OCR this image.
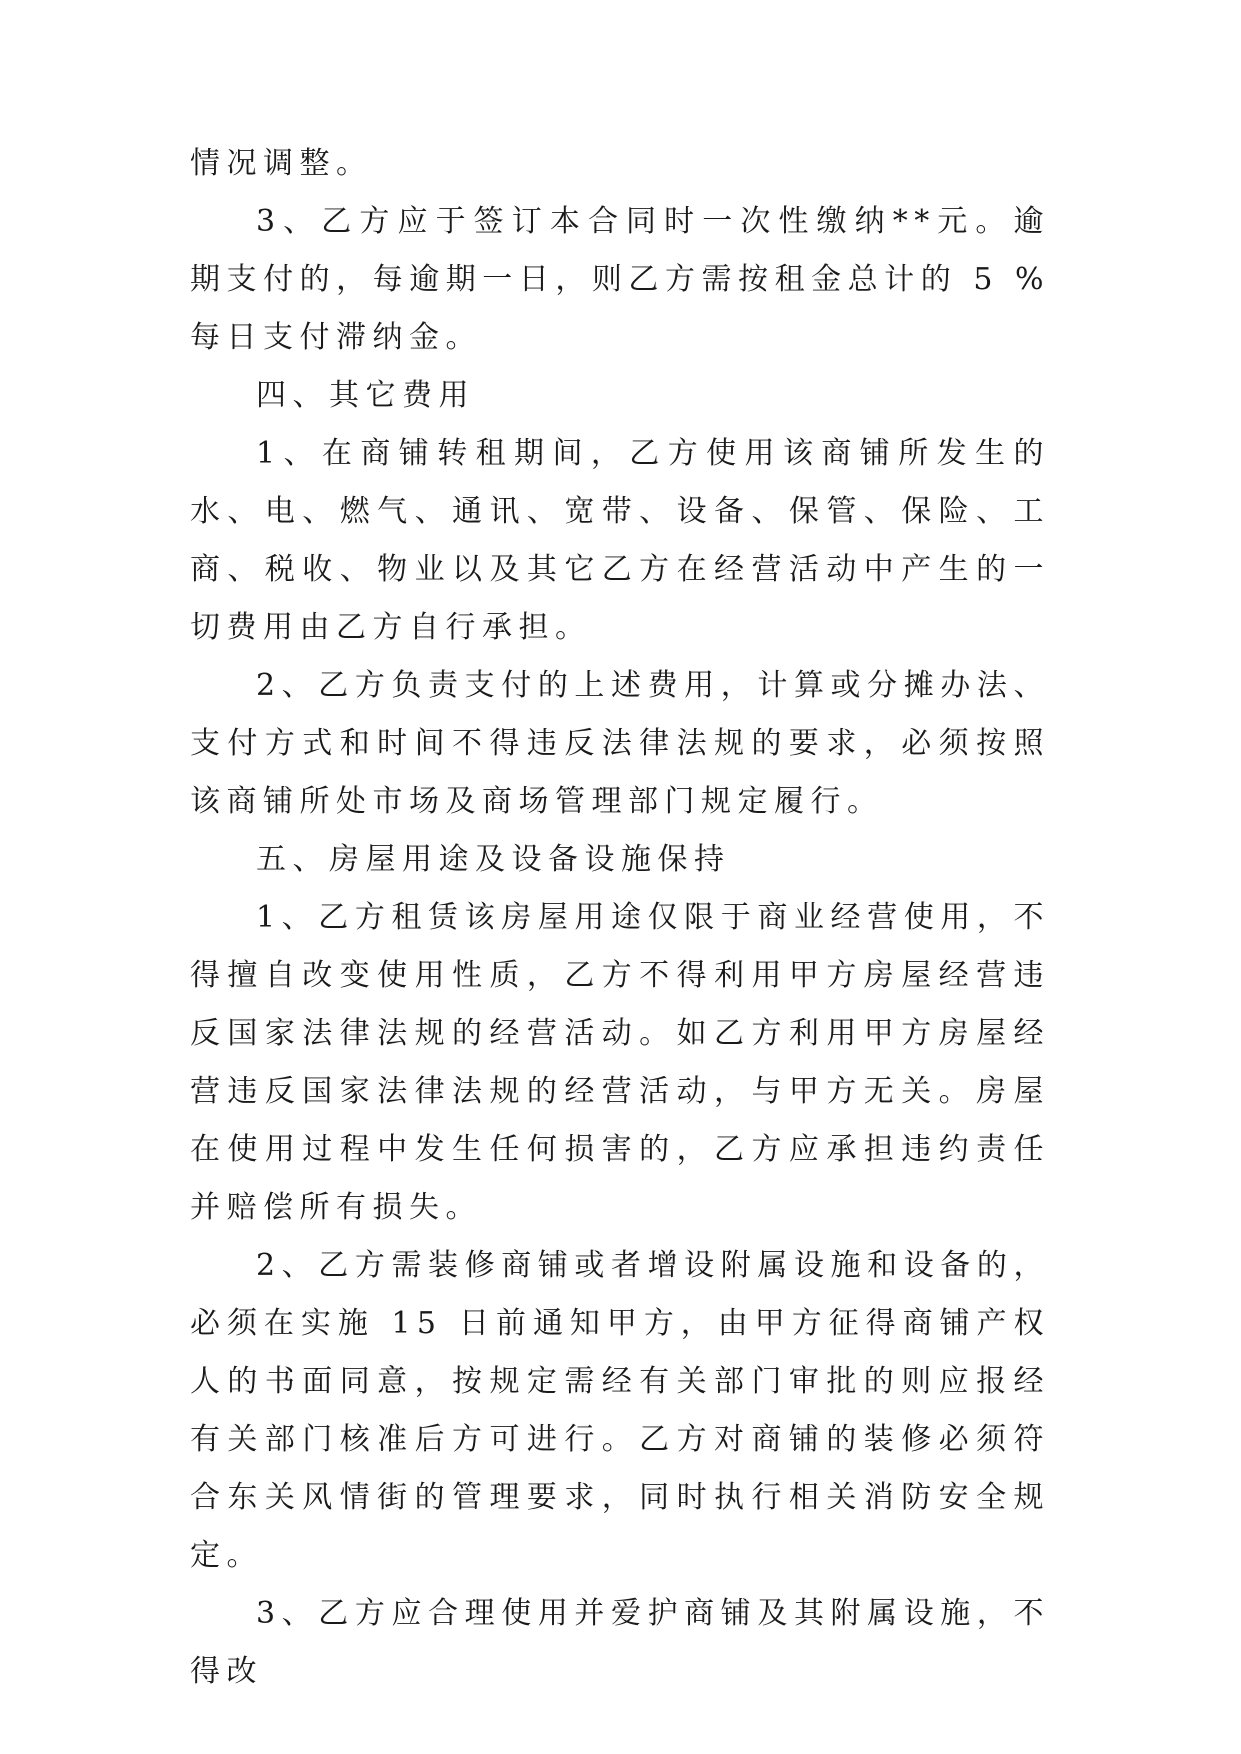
情况调整。

3、乙方应于签订本合同时一次性缴纳**元。逾期支付的，每逾期一日，则乙方需按租金总计的 5 %每日支付滞纳金。

四、其它费用

1、在商铺转租期间，乙方使用该商铺所发生的水、电、燃气、通讯、宽带、设备、保管、保险、工商、税收、物业以及其它乙方在经营活动中产生的一切费用由乙方自行承担。

2、乙方负责支付的上述费用，计算或分摊办法、支付方式和时间不得违反法律法规的要求，必须按照该商铺所处市场及商场管理部门规定履行。

五、房屋用途及设备设施保持

1、乙方租赁该房屋用途仅限于商业经营使用，不得擅自改变使用性质，乙方不得利用甲方房屋经营违反国家法律法规的经营活动。如乙方利用甲方房屋经营违反国家法律法规的经营活动，与甲方无关。房屋在使用过程中发生任何损害的，乙方应承担违约责任并赔偿所有损失。

2、乙方需装修商铺或者增设附属设施和设备的，必须在实施 15 日前通知甲方，由甲方征得商铺产权人的书面同意，按规定需经有关部门审批的则应报经有关部门核准后方可进行。乙方对商铺的装修必须符合东关风情街的管理要求，同时执行相关消防安全规定。

3、乙方应合理使用并爱护商铺及其附属设施，不得改
